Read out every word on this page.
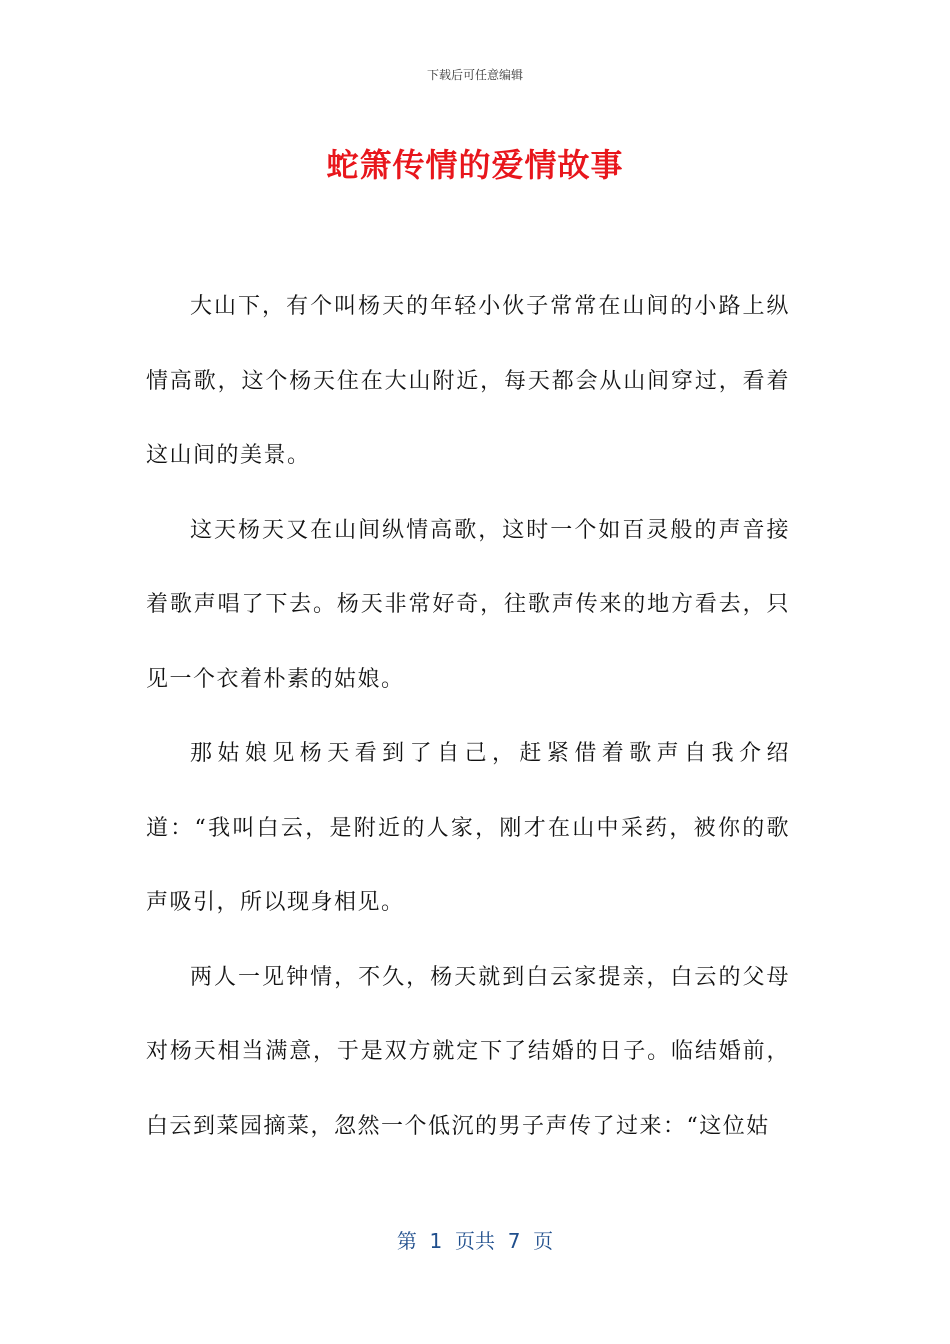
下载后可任意编辑
蛇箫传情的爱情故事

大山下，有个叫杨天的年轻小伙子常常在山间的小路上纵情高歌，这个杨天住在大山附近，每天都会从山间穿过，看着这山间的美景。

这天杨天又在山间纵情高歌，这时一个如百灵般的声音接着歌声唱了下去。杨天非常好奇，往歌声传来的地方看去，只见一个衣着朴素的姑娘。

那姑娘见杨天看到了自己，赶紧借着歌声自我介绍道：“我叫白云，是附近的人家，刚才在山中采药，被你的歌声吸引，所以现身相见。

两人一见钟情，不久，杨天就到白云家提亲，白云的父母对杨天相当满意，于是双方就定下了结婚的日子。临结婚前，白云到菜园摘菜，忽然一个低沉的男子声传了过来：“这位姑

第  1  页共  7  页
